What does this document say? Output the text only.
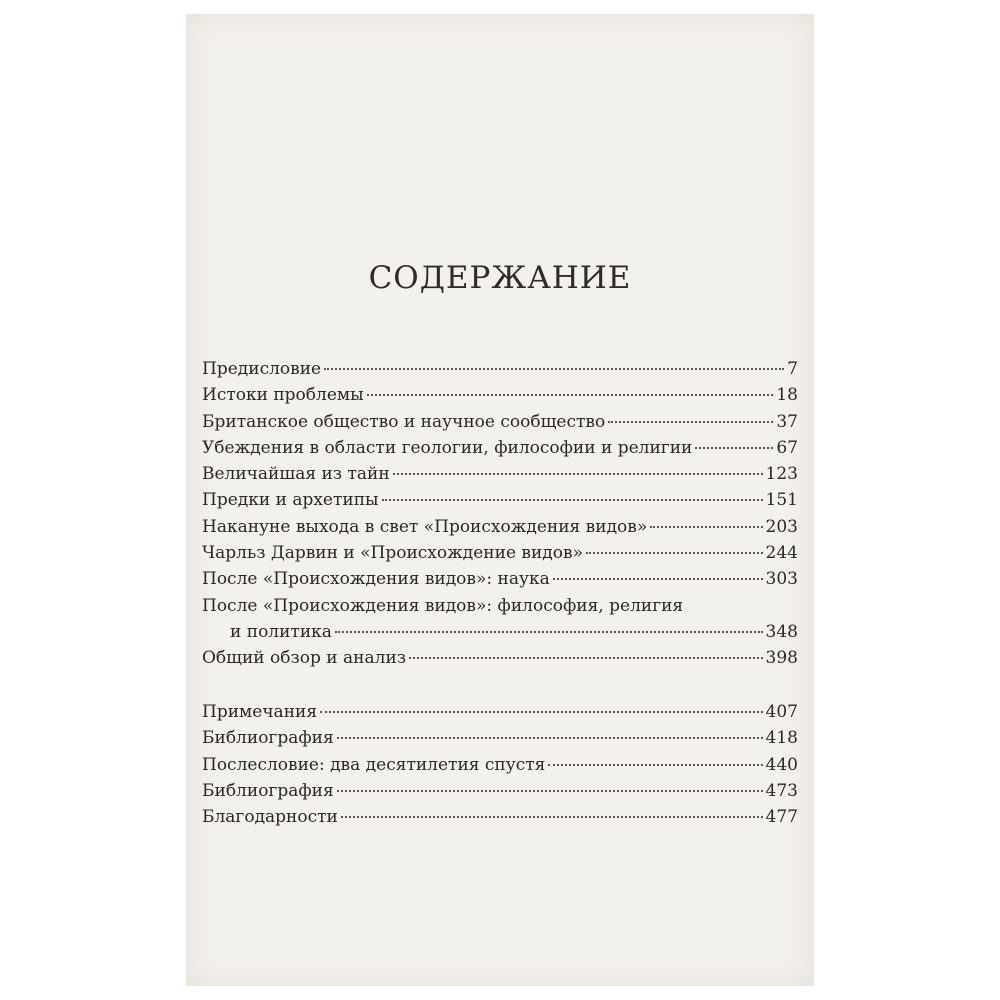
СОДЕРЖАНИЕ
Предисловие	7
Истоки проблемы	18
Британское общество и научное сообщество	37
Убеждения в области геологии, философии и религии	67
Величайшая из тайн	123
Предки и архетипы	151
Накануне выхода в свет «Происхождения видов»	203
Чарльз Дарвин и «Происхождение видов»	244
После «Происхождения видов»: наука	303
После «Происхождения видов»: философия, религия
и политика	348
Общий обзор и анализ	398
Примечания	407
Библиография	418
Послесловие: два десятилетия спустя	440
Библиография	473
Благодарности	477
